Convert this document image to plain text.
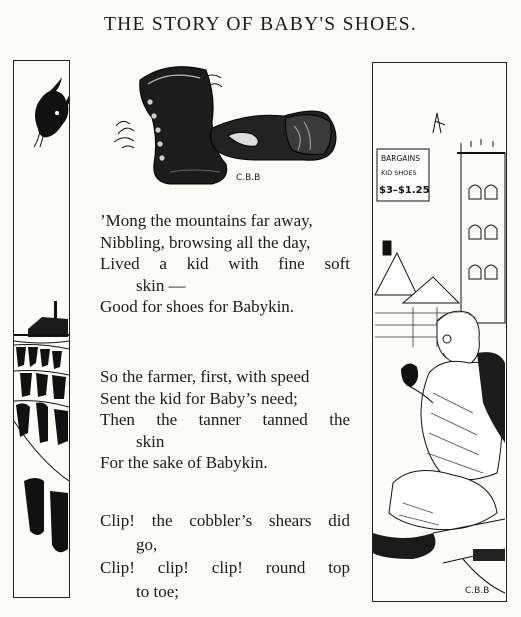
THE STORY OF BABY'S SHOES.
C.B.B
’Mong the mountains far away,
Nibbling, browsing all the day,
Lived a kid with fine soft
skin —
Good for shoes for Babykin.
So the farmer, first, with speed
Sent the kid for Baby’s need;
Then the tanner tanned the
skin
For the sake of Babykin.
Clip! the cobbler’s shears did
go,
Clip! clip! clip! round top
to toe;
BARGAINS
KID SHOES
$3–$1.25
C.B.B
